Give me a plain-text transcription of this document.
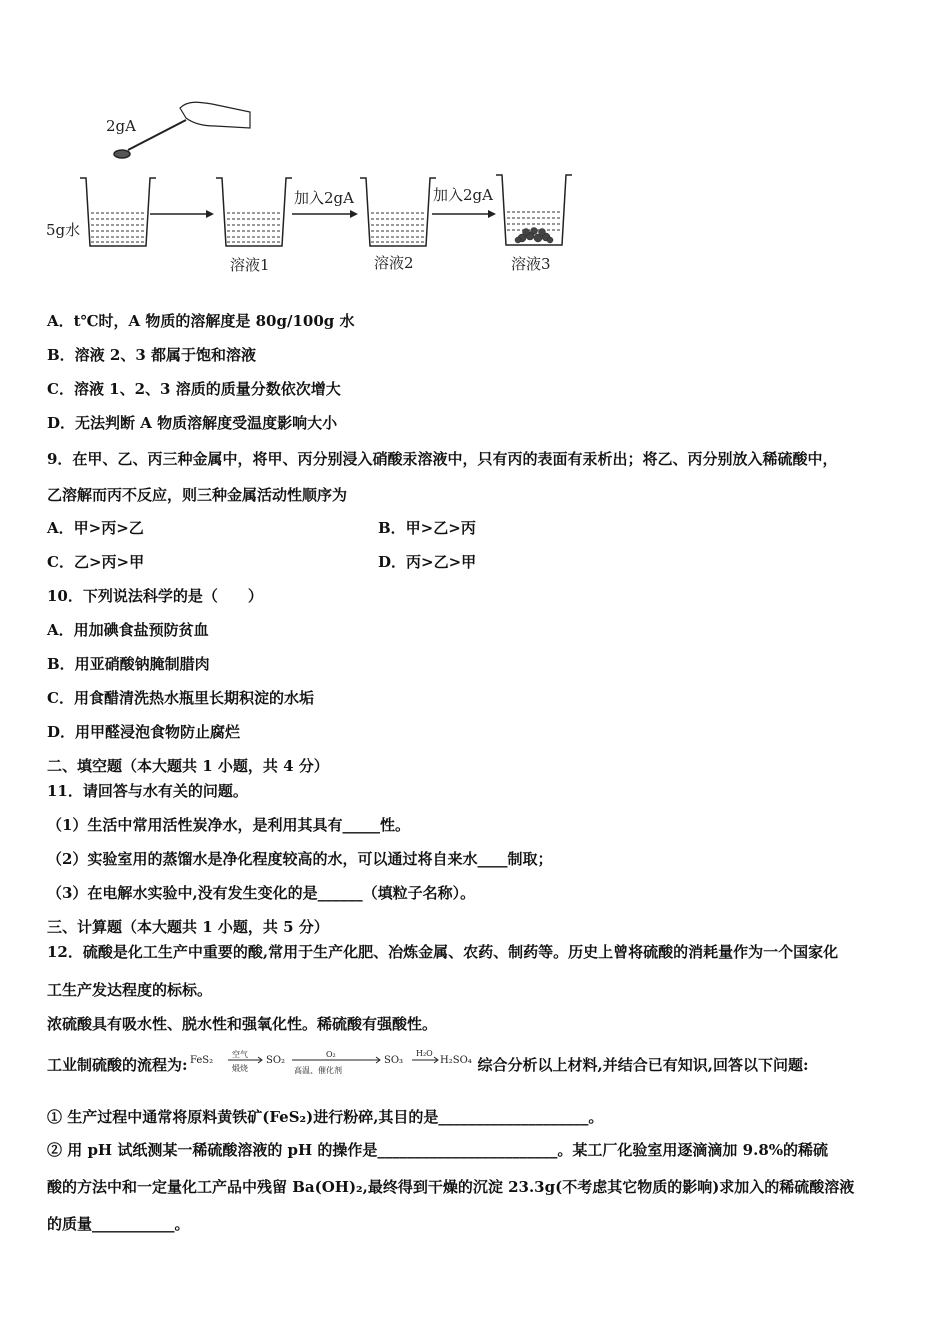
2gA
5g水
加入2gA	加入2gA
溶液1	溶液2	溶液3
A．t℃时，A 物质的溶解度是 80g/100g 水
B．溶液 2、3 都属于饱和溶液
C．溶液 1、2、3 溶质的质量分数依次增大
D．无法判断 A 物质溶解度受温度影响大小
9．在甲、乙、丙三种金属中，将甲、丙分别浸入硝酸汞溶液中，只有丙的表面有汞析出；将乙、丙分别放入稀硫酸中，
乙溶解而丙不反应，则三种金属活动性顺序为
A．甲>丙>乙	B．甲>乙>丙
C．乙>丙>甲	D．丙>乙>甲
10．下列说法科学的是（　　）
A．用加碘食盐预防贫血
B．用亚硝酸钠腌制腊肉
C．用食醋清洗热水瓶里长期积淀的水垢
D．用甲醛浸泡食物防止腐烂
二、填空题（本大题共 1 小题，共 4 分）
11．请回答与水有关的问题。
（1）生活中常用活性炭净水，是利用其具有_____性。
（2）实验室用的蒸馏水是净化程度较高的水，可以通过将自来水____制取；
（3）在电解水实验中,没有发生变化的是______（填粒子名称）。
三、计算题（本大题共 1 小题，共 5 分）
12．硫酸是化工生产中重要的酸,常用于生产化肥、冶炼金属、农药、制药等。历史上曾将硫酸的消耗量作为一个国家化
工生产发达程度的标标。
浓硫酸具有吸水性、脱水性和强氧化性。稀硫酸有强酸性。
工业制硫酸的流程为: FeS₂
空气
煅烧
SO₂
O₂
高温、催化剂
SO₃
H₂O
H₂SO₄ 综合分析以上材料,并结合已有知识,回答以下问题:
① 生产过程中通常将原料黄铁矿(FeS₂)进行粉碎,其目的是____________________。
② 用 pH 试纸测某一稀硫酸溶液的 pH 的操作是________________________。某工厂化验室用逐滴滴加 9.8%的稀硫
酸的方法中和一定量化工产品中残留 Ba(OH)₂,最终得到干燥的沉淀 23.3g(不考虑其它物质的影响)求加入的稀硫酸溶液
的质量___________。
